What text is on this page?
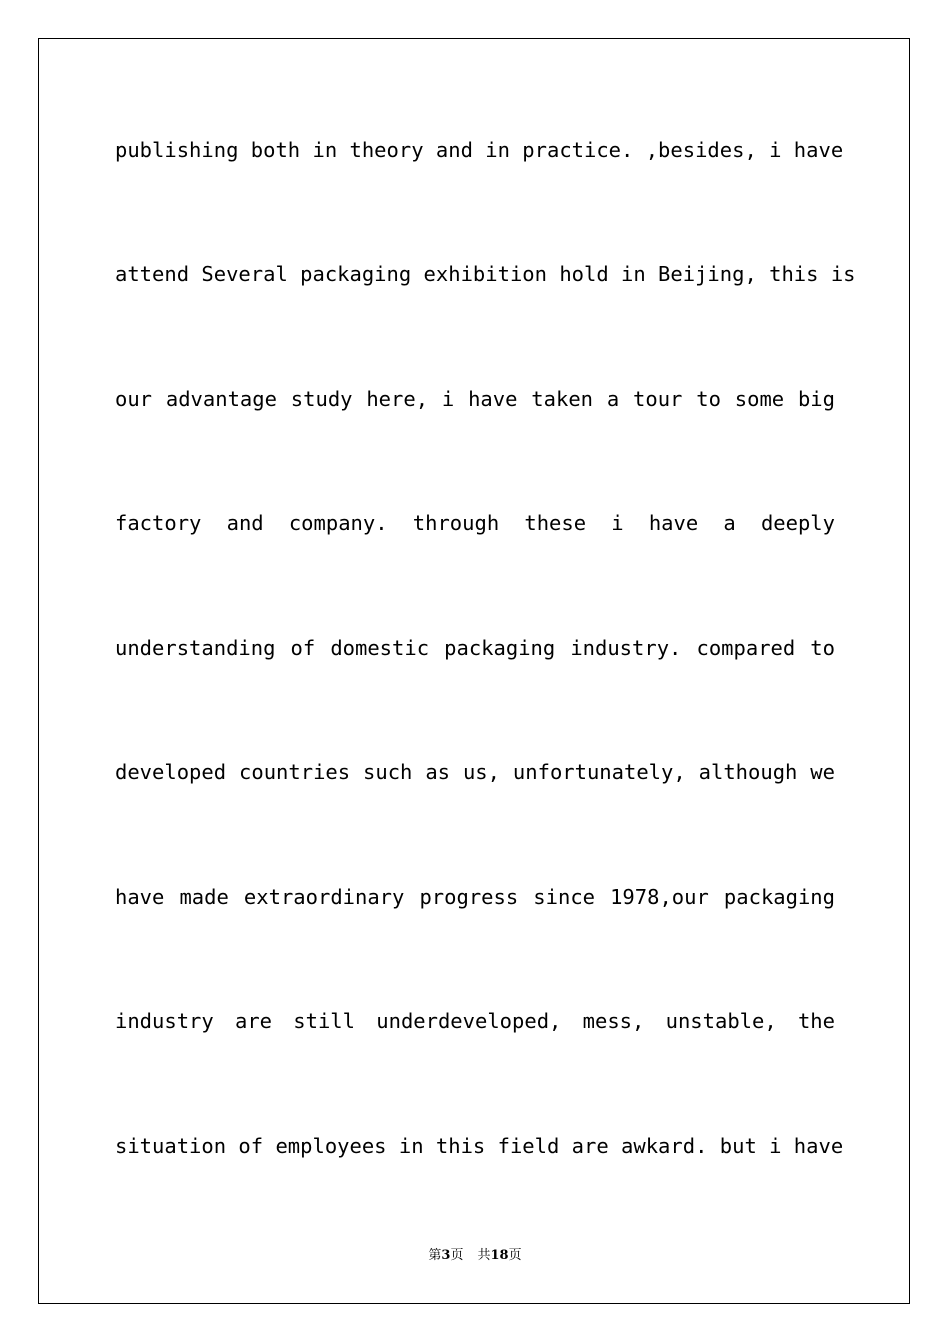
publishing both in theory and in practice. ,besides, i have
attend Several packaging exhibition hold in Beijing, this is
our advantage study here, i have taken a tour to some big
factory and company. through these i have a deeply
understanding of domestic packaging industry. compared to
developed countries such as us, unfortunately, although we
have made extraordinary progress since 1978,our packaging
industry are still underdeveloped, mess, unstable, the
situation of employees in this field are awkard. but i have
第3页 共18页
